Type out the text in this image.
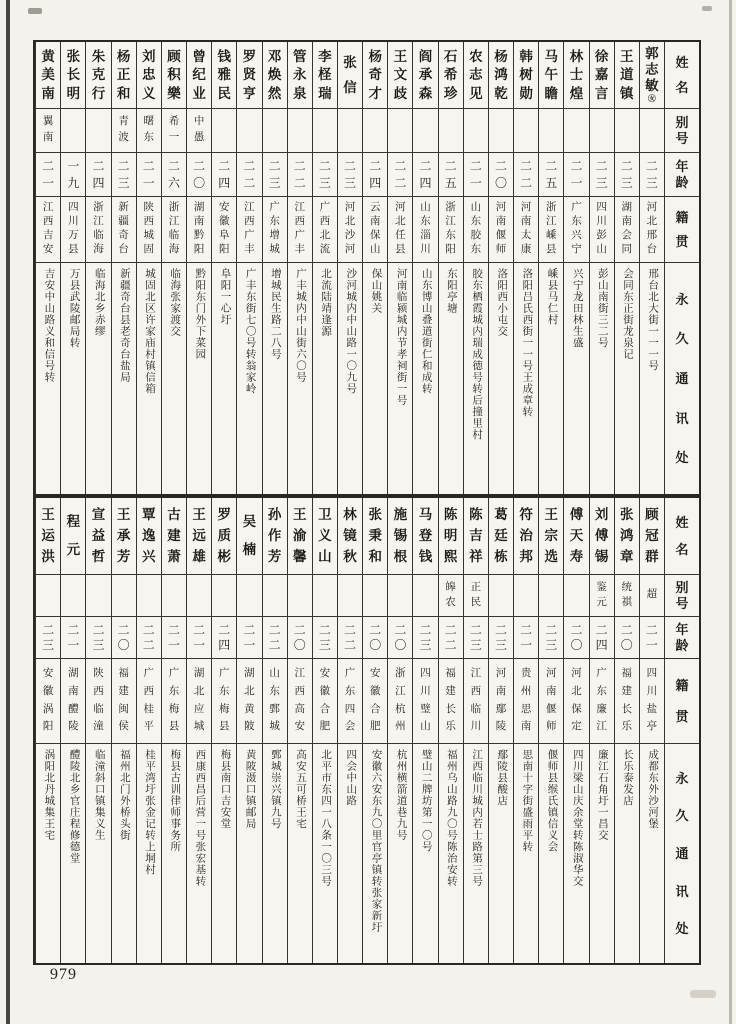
姓
名
别
号
年
龄
籍
贯
永
久
通
讯
处
郭
志
敏
㊛
二
三
河
北
邢
台
邢台北大街一一一号
王
道
镇
二
三
湖
南
会
同
会同东正街龙泉记
徐
嘉
言
二
三
四
川
彭
山
彭山南街三二号
林
士
煌
二
一
广
东
兴
宁
兴宁龙田林生盛
马
午
瞻
二
五
浙
江
嵊
县
嵊县马仁村
韩
树
勋
二
二
河
南
太
康
洛阳吕氏西街一一号王成章转
杨
鸿
乾
二
〇
河
南
偃
师
洛阳西小屯交
农
志
见
二
一
山
东
胶
东
胶东栖霞城内瑞成德号转后撞里村
石
希
珍
二
五
浙
江
东
阳
东阳亭塘
阎
承
森
二
四
山
东
淄
川
山东博山叠道街仁和成转
王
文
歧
二
二
河
北
任
县
河南临颍城内节孝祠街一号
杨
奇
才
二
四
云
南
保
山
保山姚关
张
信
二
三
河
北
沙
河
沙河城内中山路一〇九号
李
柽
瑞
二
三
广
西
北
流
北流陆靖逢源
管
永
泉
二
二
江
西
广
丰
广丰城内中山街六〇号
邓
焕
然
二
三
广
东
增
城
增城民生路二八号
罗
贤
亨
二
二
江
西
广
丰
广丰东街七〇号转翁家岭
钱
雅
民
二
四
安
徽
阜
阳
阜阳一心圩
曾
纪
业
中
愚
二
〇
湖
南
黔
阳
黔阳东门外下菜园
顾
积
樂
希
一
二
六
浙
江
临
海
临海张家渡交
刘
忠
义
曙
东
二
一
陕
西
城
固
城固北区许家庙村镇信箱
杨
正
和
青
波
二
三
新
疆
奇
台
新疆奇台县老奇台盐局
朱
克
行
二
四
浙
江
临
海
临海北乡赤缪
张
长
明
一
九
四
川
万
县
万县武陵邮局转
黄
美
南
翼
南
二
一
江
西
吉
安
吉安中山路义和信号转
姓
名
别
号
年
龄
籍
贯
永
久
通
讯
处
顾
冠
群
超
二
一
四
川
盐
亭
成都东外沙河堡
张
鸿
章
统
祺
二
〇
福
建
长
乐
长乐泰发店
刘
傅
锡
鉴
元
二
四
广
东
廉
江
廉江石角圩一昌交
傅
天
寿
二
〇
河
北
保
定
四川梁山庆余堂转陈淑华交
王
宗
选
二
三
河
南
偃
师
偃师县缑氏镇信义会
符
治
邦
二
一
贵
州
思
南
思南十字街盛雨平转
葛
廷
栋
二
三
河
南
鄢
陵
鄢陵县酸店
陈
吉
祥
正
民
二
三
江
西
临
川
江西临川城内若士路第三号
陈
明
熙
皞
农
二
二
福
建
长
乐
福州乌山路九〇号陈治安转
马
登
钱
二
三
四
川
璧
山
璧山二牌坊第一〇号
施
锡
根
二
〇
浙
江
杭
州
杭州横箭道巷九号
张
秉
和
二
〇
安
徽
合
肥
安徽六安东九〇里官亭镇转张家新圩
林
镜
秋
二
二
广
东
四
会
四会中山路
卫
义
山
二
三
安
徽
合
肥
北平市东四一八条一〇三号
王
渝
馨
二
〇
江
西
高
安
高安五可桥王宅
孙
作
芳
二
二
山
东
鄄
城
鄄城崇兴镇九号
吴
楠
二
一
湖
北
黄
陂
黄陂滠口镇邮局
罗
质
彬
二
四
广
东
梅
县
梅县南口吉安堂
王
远
雄
二
一
湖
北
应
城
西康西昌后营一号张宏基转
古
建
萧
二
一
广
东
梅
县
梅县古训律师事务所
覃
逸
兴
二
二
广
西
桂
平
桂平湾圩张金记转上垌村
王
承
芳
二
〇
福
建
闽
侯
福州北门外桥头街
宣
益
哲
二
三
陕
西
临
潼
临潼斜口镇集义生
程
元
二
一
湖
南
醴
陵
醴陵北乡官庄程修德堂
王
运
洪
二
三
安
徽
涡
阳
涡阳北丹城集王宅
979
